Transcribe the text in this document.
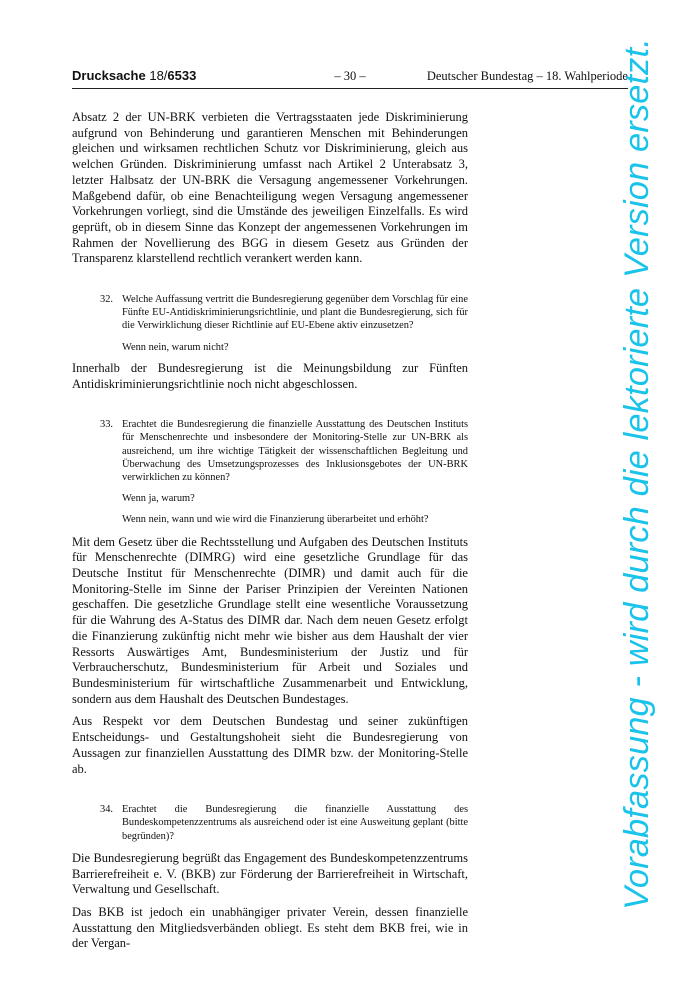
Drucksache 18/6533	– 30 –	Deutscher Bundestag – 18. Wahlperiode

Absatz 2 der UN-BRK verbieten die Vertragsstaaten jede Diskriminierung aufgrund von Behinderung und garantieren Menschen mit Behinderungen gleichen und wirksamen rechtlichen Schutz vor Diskriminierung, gleich aus welchen Gründen. Diskriminierung umfasst nach Artikel 2 Unterabsatz 3, letzter Halbsatz der UN-BRK die Versagung angemessener Vorkehrungen. Maßgebend dafür, ob eine Benachteiligung wegen Versagung angemessener Vorkehrungen vorliegt, sind die Umstände des jeweiligen Einzelfalls. Es wird geprüft, ob in diesem Sinne das Konzept der angemessenen Vorkehrungen im Rahmen der Novellierung des BGG in diesem Gesetz aus Gründen der Transparenz klarstellend rechtlich verankert werden kann.

32. Welche Auffassung vertritt die Bundesregierung gegenüber dem Vorschlag für eine Fünfte EU-Antidiskriminierungsrichtlinie, und plant die Bundesregierung, sich für die Verwirklichung dieser Richtlinie auf EU-Ebene aktiv einzusetzen?
Wenn nein, warum nicht?

Innerhalb der Bundesregierung ist die Meinungsbildung zur Fünften Antidiskriminierungsrichtlinie noch nicht abgeschlossen.

33. Erachtet die Bundesregierung die finanzielle Ausstattung des Deutschen Instituts für Menschenrechte und insbesondere der Monitoring-Stelle zur UN-BRK als ausreichend, um ihre wichtige Tätigkeit der wissenschaftlichen Begleitung und Überwachung des Umsetzungsprozesses des Inklusionsgebotes der UN-BRK verwirklichen zu können?
Wenn ja, warum?
Wenn nein, wann und wie wird die Finanzierung überarbeitet und erhöht?

Mit dem Gesetz über die Rechtsstellung und Aufgaben des Deutschen Instituts für Menschenrechte (DIMRG) wird eine gesetzliche Grundlage für das Deutsche Institut für Menschenrechte (DIMR) und damit auch für die Monitoring-Stelle im Sinne der Pariser Prinzipien der Vereinten Nationen geschaffen. Die gesetzliche Grundlage stellt eine wesentliche Voraussetzung für die Wahrung des A-Status des DIMR dar. Nach dem neuen Gesetz erfolgt die Finanzierung zukünftig nicht mehr wie bisher aus dem Haushalt der vier Ressorts Auswärtiges Amt, Bundesministerium der Justiz und für Verbraucherschutz, Bundesministerium für Arbeit und Soziales und Bundesministerium für wirtschaftliche Zusammenarbeit und Entwicklung, sondern aus dem Haushalt des Deutschen Bundestages.

Aus Respekt vor dem Deutschen Bundestag und seiner zukünftigen Entscheidungs- und Gestaltungshoheit sieht die Bundesregierung von Aussagen zur finanziellen Ausstattung des DIMR bzw. der Monitoring-Stelle ab.

34. Erachtet die Bundesregierung die finanzielle Ausstattung des Bundeskompetenzzentrums als ausreichend oder ist eine Ausweitung geplant (bitte begründen)?

Die Bundesregierung begrüßt das Engagement des Bundeskompetenzzentrums Barrierefreiheit e. V. (BKB) zur Förderung der Barrierefreiheit in Wirtschaft, Verwaltung und Gesellschaft.

Das BKB ist jedoch ein unabhängiger privater Verein, dessen finanzielle Ausstattung den Mitgliedsverbänden obliegt. Es steht dem BKB frei, wie in der Vergan-

Vorabfassung - wird durch die lektorierte Version ersetzt.
